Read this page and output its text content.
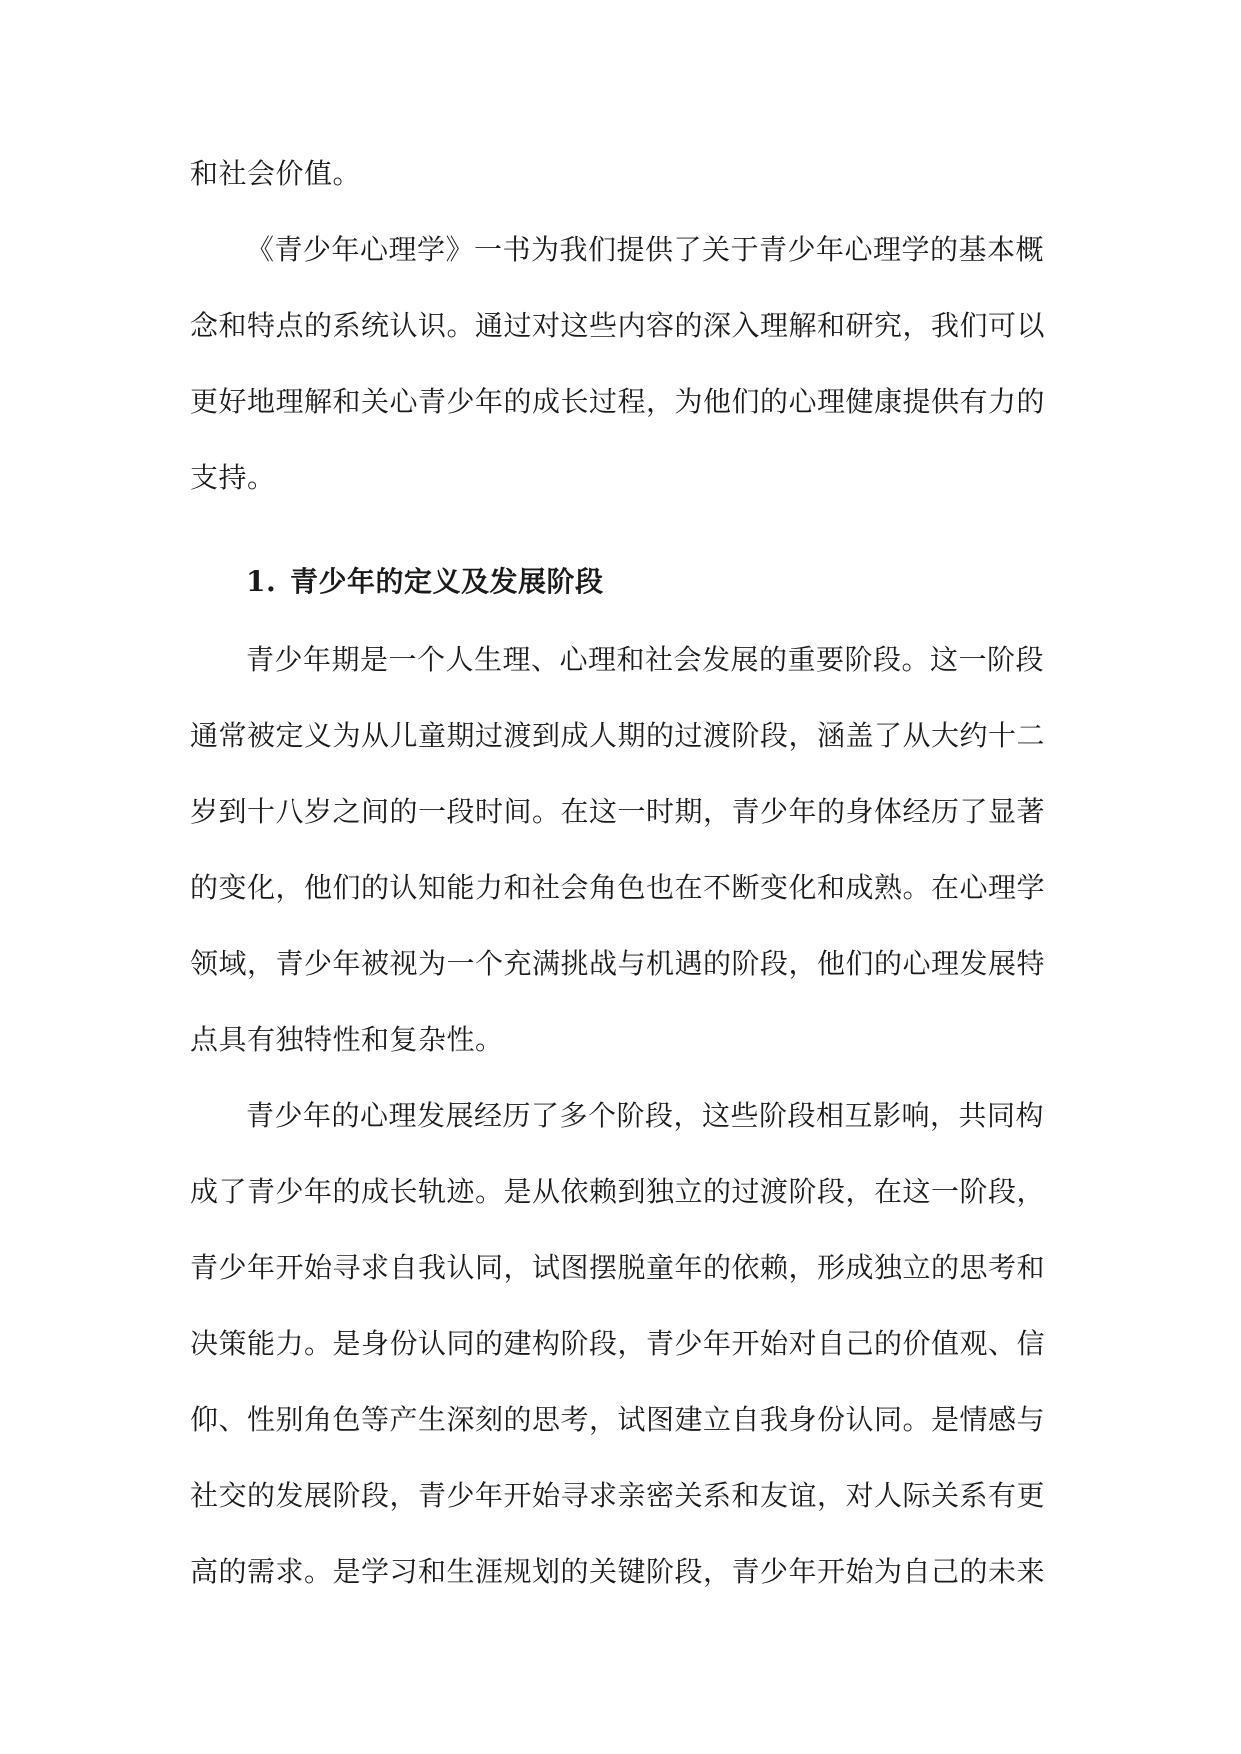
和社会价值。
《青少年心理学》一书为我们提供了关于青少年心理学的基本概
念和特点的系统认识。通过对这些内容的深入理解和研究，我们可以
更好地理解和关心青少年的成长过程，为他们的心理健康提供有力的
支持。
1. 青少年的定义及发展阶段
青少年期是一个人生理、心理和社会发展的重要阶段。这一阶段
通常被定义为从儿童期过渡到成人期的过渡阶段，涵盖了从大约十二
岁到十八岁之间的一段时间。在这一时期，青少年的身体经历了显著
的变化，他们的认知能力和社会角色也在不断变化和成熟。在心理学
领域，青少年被视为一个充满挑战与机遇的阶段，他们的心理发展特
点具有独特性和复杂性。
青少年的心理发展经历了多个阶段，这些阶段相互影响，共同构
成了青少年的成长轨迹。是从依赖到独立的过渡阶段，在这一阶段，
青少年开始寻求自我认同，试图摆脱童年的依赖，形成独立的思考和
决策能力。是身份认同的建构阶段，青少年开始对自己的价值观、信
仰、性别角色等产生深刻的思考，试图建立自我身份认同。是情感与
社交的发展阶段，青少年开始寻求亲密关系和友谊，对人际关系有更
高的需求。是学习和生涯规划的关键阶段，青少年开始为自己的未来
